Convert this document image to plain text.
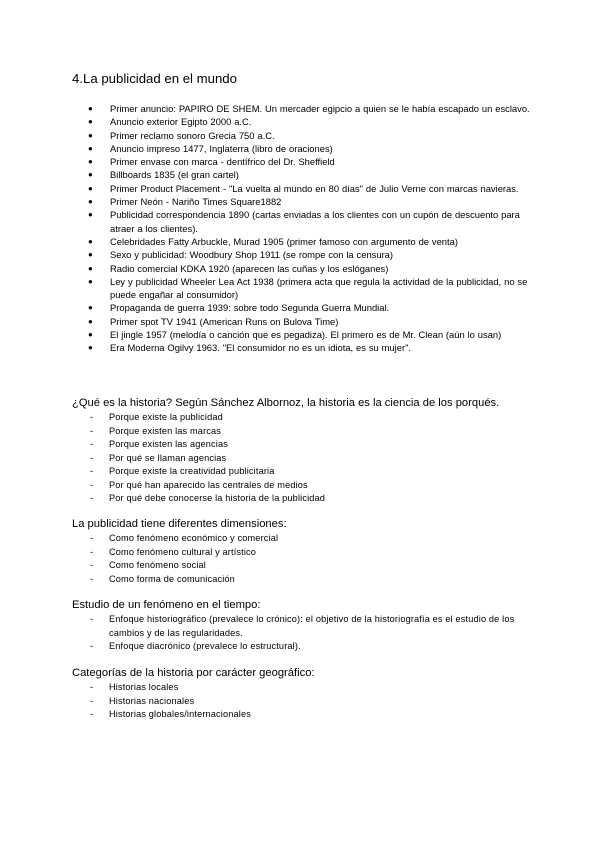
4.La publicidad en el mundo
● Primer anuncio: PAPIRO DE SHEM. Un mercader egipcio a quien se le había escapado un esclavo.
● Anuncio exterior Egipto 2000 a.C.
● Primer reclamo sonoro Grecia 750 a.C.
● Anuncio impreso 1477, Inglaterra (libro de oraciones)
● Primer envase con marca - dentífrico del Dr. Sheffield
● Billboards 1835 (el gran cartel)
● Primer Product Placement - "La vuelta al mundo en 80 días" de Julio Verne con marcas navieras.
● Primer Neón - Nariño Times Square1882
● Publicidad correspondencia 1890 (cartas enviadas a los clientes con un cupón de descuento para atraer a los clientes).
● Celebridades Fatty Arbuckle, Murad 1905 (primer famoso con argumento de venta)
● Sexo y publicidad: Woodbury Shop 1911 (se rompe con la censura)
● Radio comercial KDKA 1920 (aparecen las cuñas y los eslóganes)
● Ley y publicidad Wheeler Lea Act 1938 (primera acta que regula la actividad de la publicidad, no se puede engañar al consumidor)
● Propaganda de guerra 1939: sobre todo Segunda Guerra Mundial.
● Primer spot TV 1941 (American Runs on Bulova Time)
● El jingle 1957 (melodía o canción que es pegadiza). El primero es de Mr. Clean (aún lo usan)
● Era Moderna Ogilvy 1963. "El consumidor no es un idiota, es su mujer".
¿Qué es la historia? Según Sánchez Albornoz, la historia es la ciencia de los porqués.
- Porque existe la publicidad
- Porque existen las marcas
- Porque existen las agencias
- Por qué se llaman agencias
- Porque existe la creatividad publicitaria
- Por qué han aparecido las centrales de medios
- Por qué debe conocerse la historia de la publicidad
La publicidad tiene diferentes dimensiones:
- Como fenómeno económico y comercial
- Como fenómeno cultural y artístico
- Como fenómeno social
- Como forma de comunicación
Estudio de un fenómeno en el tiempo:
- Enfoque historiográfico (prevalece lo crónico): el objetivo de la historiografía es el estudio de los cambios y de las regularidades.
- Enfoque diacrónico (prevalece lo estructural).
Categorías de la historia por carácter geográfico:
- Historias locales
- Historias nacionales
- Historias globales/internacionales
